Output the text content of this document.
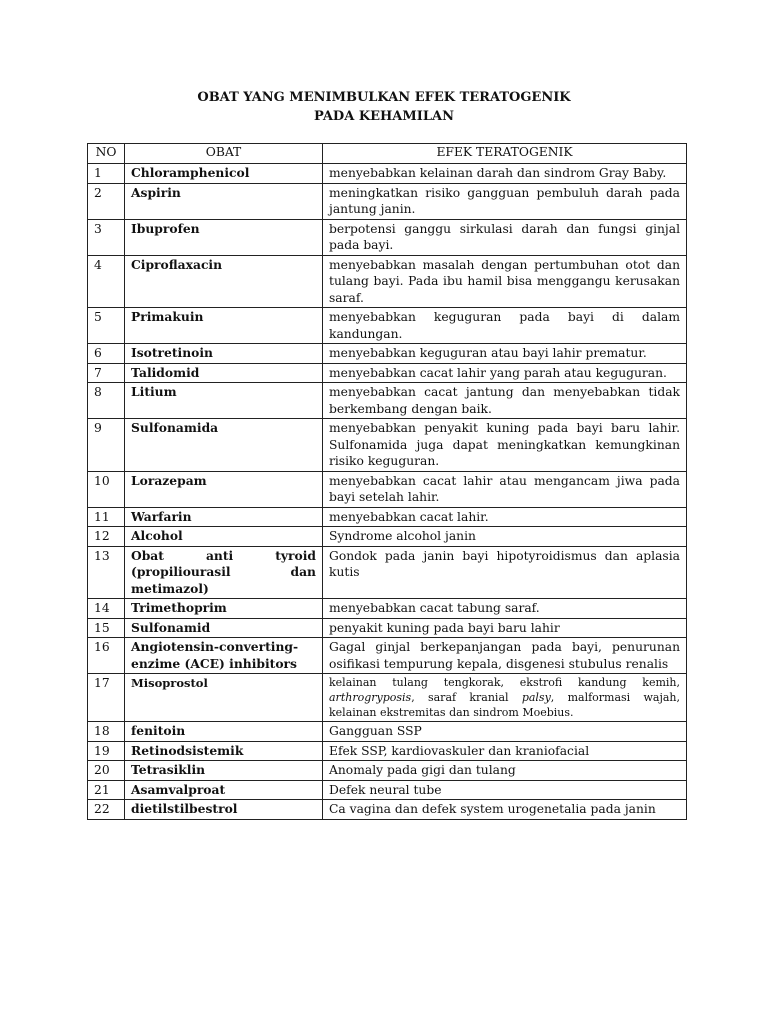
OBAT YANG MENIMBULKAN EFEK TERATOGENIK
PADA KEHAMILAN
NO	OBAT	EFEK TERATOGENIK
1	Chloramphenicol	menyebabkan kelainan darah dan sindrom Gray Baby.
2	Aspirin	meningkatkan risiko gangguan pembuluh darah pada jantung janin.
3	Ibuprofen	berpotensi ganggu sirkulasi darah dan fungsi ginjal pada bayi.
4	Ciproflaxacin	menyebabkan masalah dengan pertumbuhan otot dan tulang bayi. Pada ibu hamil bisa menggangu kerusakan saraf.
5	Primakuin	menyebabkan keguguran pada bayi di dalam kandungan.
6	Isotretinoin	menyebabkan keguguran atau bayi lahir prematur.
7	Talidomid	menyebabkan cacat lahir yang parah atau keguguran.
8	Litium	menyebabkan cacat jantung dan menyebabkan tidak berkembang dengan baik.
9	Sulfonamida	menyebabkan penyakit kuning pada bayi baru lahir. Sulfonamida juga dapat meningkatkan kemungkinan risiko keguguran.
10	Lorazepam	menyebabkan cacat lahir atau mengancam jiwa pada bayi setelah lahir.
11	Warfarin	menyebabkan cacat lahir.
12	Alcohol	Syndrome alcohol janin
13	Obat anti tyroid (propiliourasil dan metimazol)	Gondok pada janin bayi hipotyroidismus dan aplasia kutis
14	Trimethoprim	menyebabkan cacat tabung saraf.
15	Sulfonamid	penyakit kuning pada bayi baru lahir
16	Angiotensin-converting-enzime (ACE) inhibitors	Gagal ginjal berkepanjangan pada bayi, penurunan osifikasi tempurung kepala, disgenesi stubulus renalis
17	Misoprostol	kelainan tulang tengkorak, ekstrofi kandung kemih, arthrogryposis, saraf kranial palsy, malformasi wajah, kelainan ekstremitas dan sindrom Moebius.
18	fenitoin	Gangguan SSP
19	Retinodsistemik	Efek SSP, kardiovaskuler dan kraniofacial
20	Tetrasiklin	Anomaly pada gigi dan tulang
21	Asamvalproat	Defek neural tube
22	dietilstilbestrol	Ca vagina dan defek system urogenetalia pada janin
